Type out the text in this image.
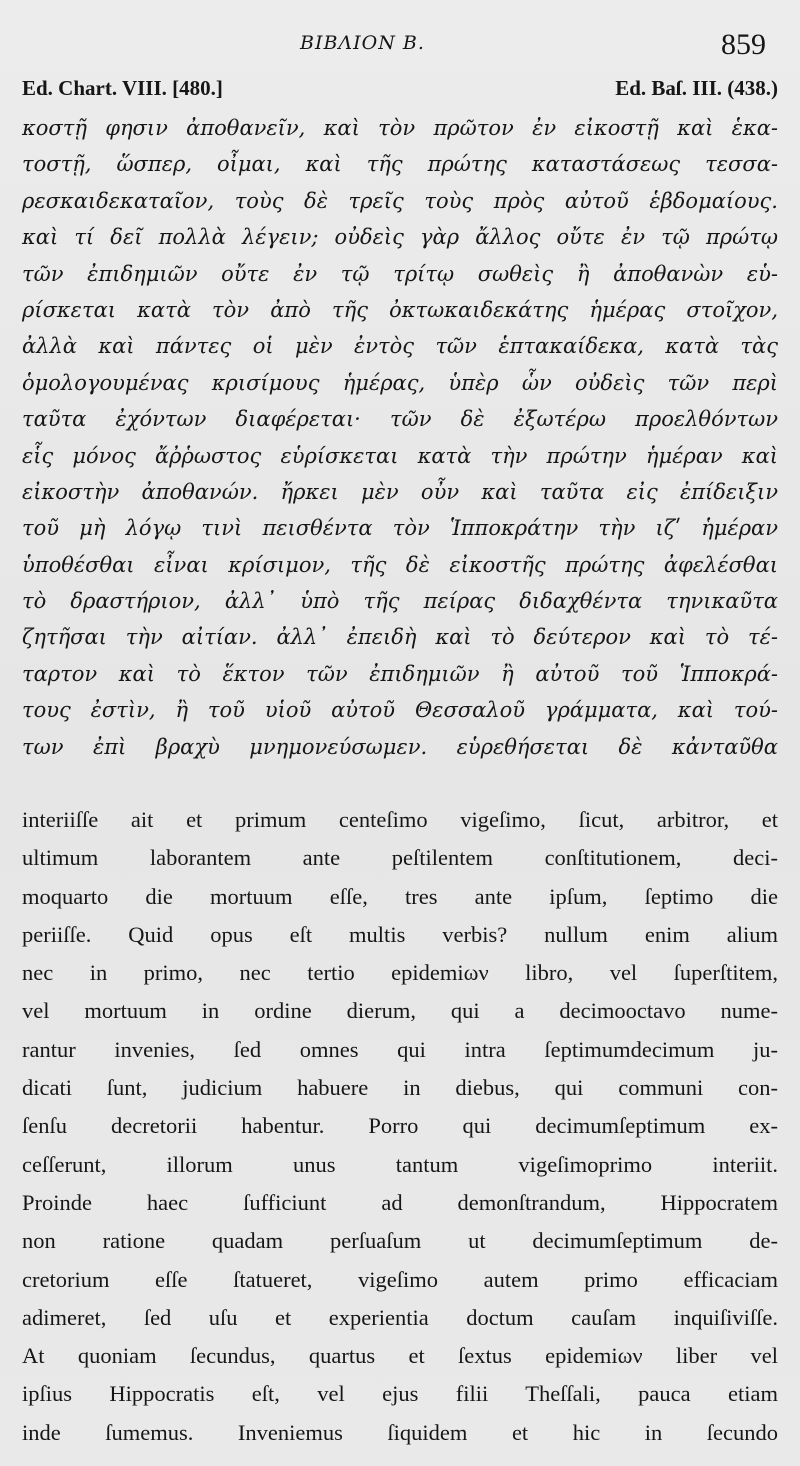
BIBΛΙΟΝ B.	859
Ed. Chart. VIII. [480.]	Ed. Baſ. III. (438.)
κοστῇ φησιν ἀποθανεῖν, καὶ τὸν πρῶτον ἐν εἰκοστῇ καὶ ἑκα-
τοστῇ, ὥσπερ, οἶμαι, καὶ τῆς πρώτης καταστάσεως τεσσα-
ρεσκαιδεκαταῖον, τοὺς δὲ τρεῖς τοὺς πρὸς αὐτοῦ ἑβδομαίους.
καὶ τί δεῖ πολλὰ λέγειν; οὐδεὶς γὰρ ἄλλος οὔτε ἐν τῷ πρώτῳ
τῶν ἐπιδημιῶν οὔτε ἐν τῷ τρίτῳ σωθεὶς ἢ ἀποθανὼν εὑ-
ρίσκεται κατὰ τὸν ἀπὸ τῆς ὀκτωκαιδεκάτης ἡμέρας στοῖχον,
ἀλλὰ καὶ πάντες οἱ μὲν ἐντὸς τῶν ἑπτακαίδεκα, κατὰ τὰς
ὁμολογουμένας κρισίμους ἡμέρας, ὑπὲρ ὧν οὐδεὶς τῶν περὶ
ταῦτα ἐχόντων διαφέρεται· τῶν δὲ ἐξωτέρω προελθόντων
εἷς μόνος ἄῤῥωστος εὑρίσκεται κατὰ τὴν πρώτην ἡμέραν καὶ
εἰκοστὴν ἀποθανών. ἤρκει μὲν οὖν καὶ ταῦτα εἰς ἐπίδειξιν
τοῦ μὴ λόγῳ τινὶ πεισθέντα τὸν Ἱπποκράτην τὴν ιζʹ ἡμέραν
ὑποθέσθαι εἶναι κρίσιμον, τῆς δὲ εἰκοστῆς πρώτης ἀφελέσθαι
τὸ δραστήριον, ἀλλ᾽ ὑπὸ τῆς πείρας διδαχθέντα τηνικαῦτα
ζητῆσαι τὴν αἰτίαν. ἀλλ᾽ ἐπειδὴ καὶ τὸ δεύτερον καὶ τὸ τέ-
ταρτον καὶ τὸ ἕκτον τῶν ἐπιδημιῶν ἢ αὐτοῦ τοῦ Ἱπποκρά-
τους ἐστὶν, ἢ τοῦ υἱοῦ αὐτοῦ Θεσσαλοῦ γράμματα, καὶ τού-
των ἐπὶ βραχὺ μνημονεύσωμεν. εὑρεθήσεται δὲ κἀνταῦθα
interiiſſe ait et primum centeſimo vigeſimo, ſicut, arbitror, et
ultimum laborantem ante peſtilentem conſtitutionem, deci-
moquarto die mortuum eſſe, tres ante ipſum, ſeptimo die
periiſſe. Quid opus eſt multis verbis? nullum enim alium
nec in primo, nec tertio epidemiων libro, vel ſuperſtitem,
vel mortuum in ordine dierum, qui a decimooctavo nume-
rantur invenies, ſed omnes qui intra ſeptimumdecimum ju-
dicati ſunt, judicium habuere in diebus, qui communi con-
ſenſu decretorii habentur. Porro qui decimumſeptimum ex-
ceſſerunt, illorum unus tantum vigeſimoprimo interiit.
Proinde haec ſufficiunt ad demonſtrandum, Hippocratem
non ratione quadam perſuaſum ut decimumſeptimum de-
cretorium eſſe ſtatueret, vigeſimo autem primo efficaciam
adimeret, ſed uſu et experientia doctum cauſam inquiſiviſſe.
At quoniam ſecundus, quartus et ſextus epidemiων liber vel
ipſius Hippocratis eſt, vel ejus filii Theſſali, pauca etiam
inde ſumemus. Inveniemus ſiquidem et hic in ſecundo
